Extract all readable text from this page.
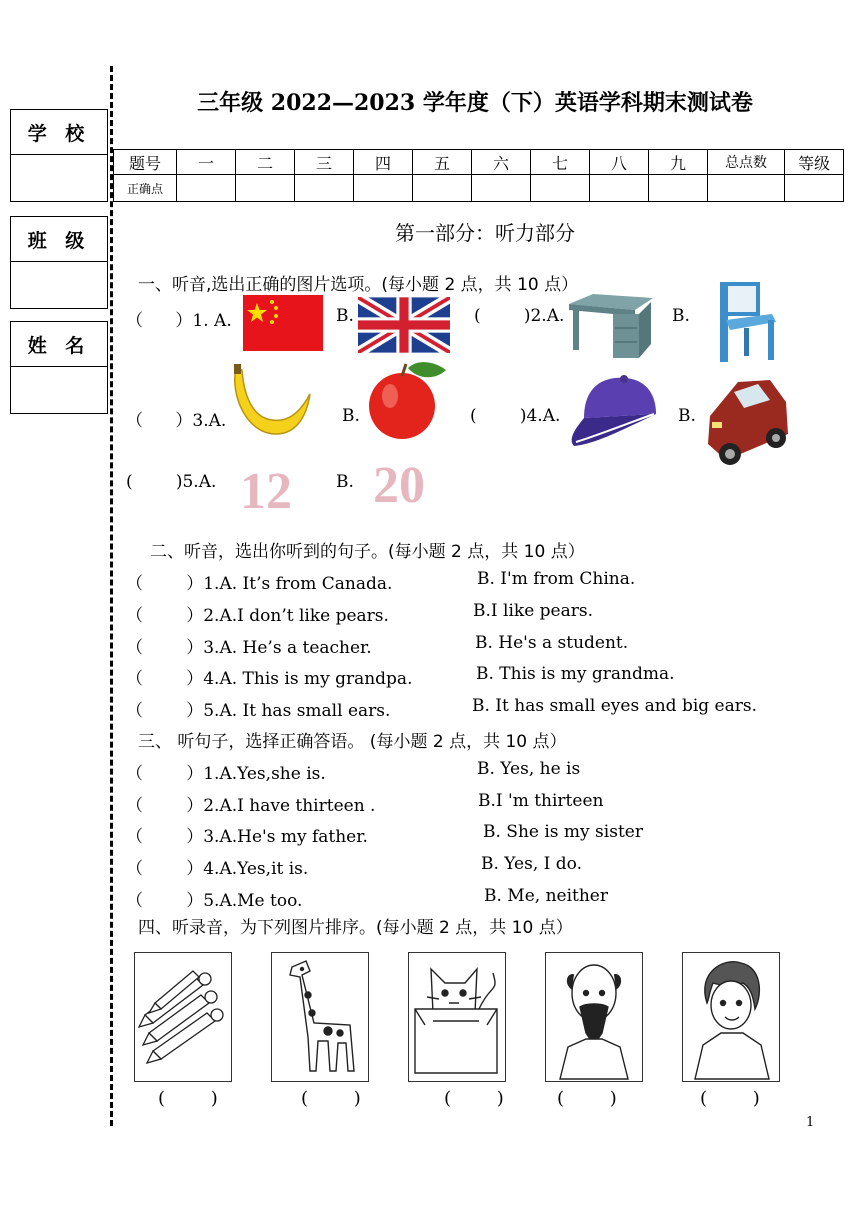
学 校
班 级
姓 名
三年级 2022—2023 学年度（下）英语学科期末测试卷
题号	一	二	三	四	五	六	七	八	九	总点数	等级
正确点											
第一部分：听力部分
一、听音,选出正确的图片选项。(每小题 2 点，共 10 点）
（      ）1. A.	B.	(        )2.A.	B.
（      ）3.A.	B.	(        )4.A.	B.
(        )5.A. 12	B. 20
二、听音，选出你听到的句子。(每小题 2 点，共 10 点）
（        ）1.A. It’s from Canada.	B. I'm from China.
（        ）2.A.I don’t like pears.	B.I like pears.
（        ）3.A. He’s a teacher.	B. He's a student.
（        ）4.A. This is my grandpa.	B. This is my grandma.
（        ）5.A. It has small ears.	B. It has small eyes and big ears.
三、 听句子，选择正确答语。 (每小题 2 点，共 10 点）
（        ）1.A.Yes,she is.	B. Yes, he is
（        ）2.A.I have thirteen .	B.I 'm thirteen
（        ）3.A.He's my father.	B. She is my sister
（        ）4.A.Yes,it is.	B. Yes, I do.
（        ）5.A.Me too.	B. Me, neither
四、听录音，为下列图片排序。(每小题 2 点，共 10 点）
(        )	(        )	(        )	(        )	(        )
1
